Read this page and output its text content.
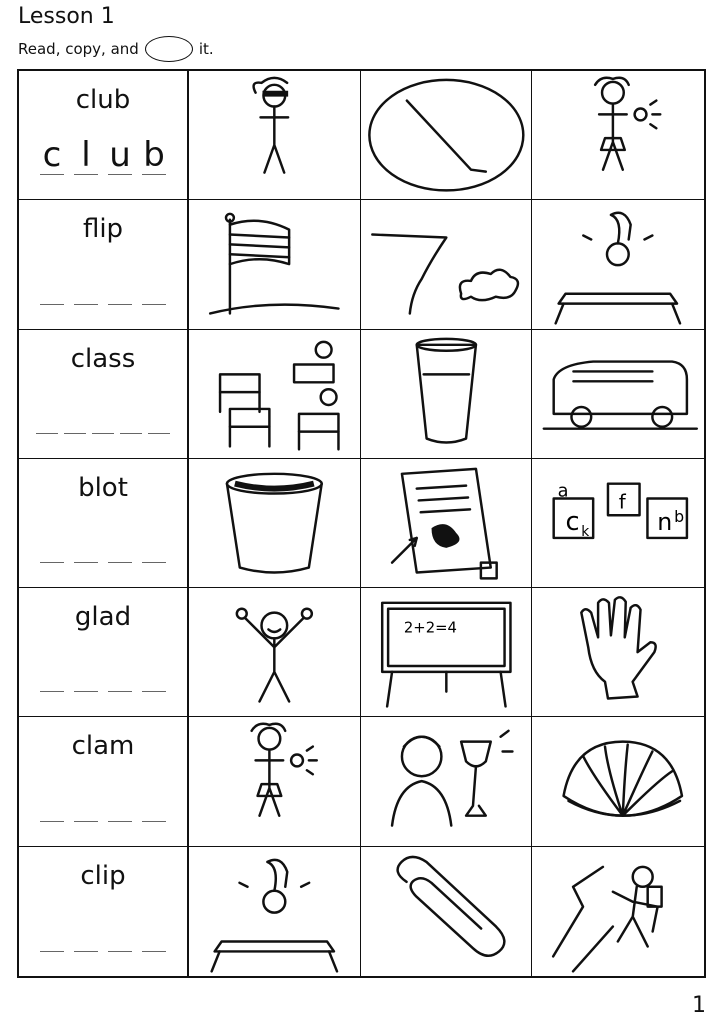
Lesson 1
Read, copy, and	it.
club
c l u b
flip
class
blot
c
f
n
a
k
b
glad	2+2=4
clam
clip
1
